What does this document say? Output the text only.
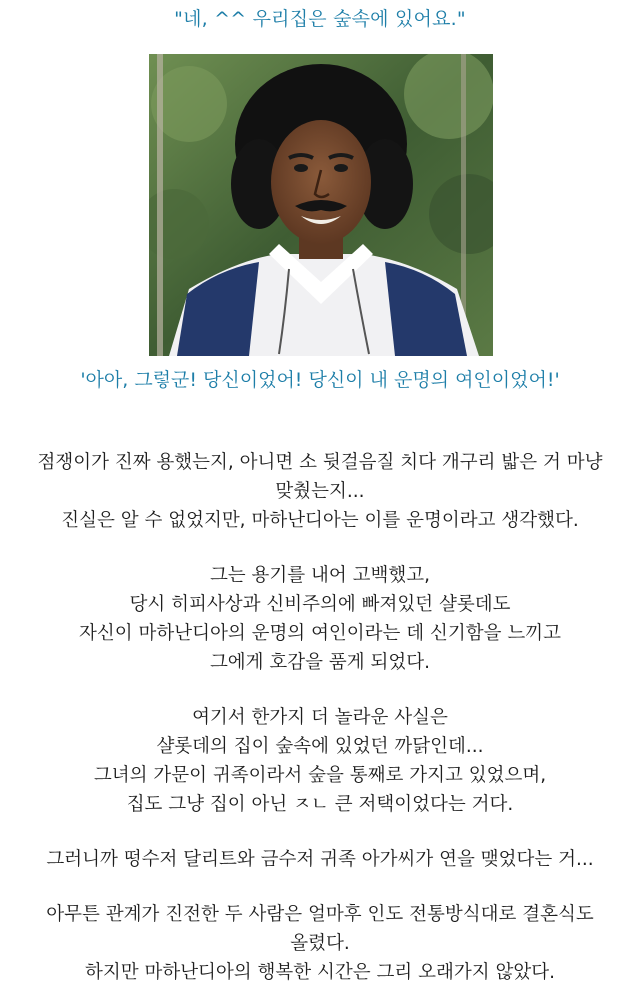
"네, ^^ 우리집은 숲속에 있어요."
'아아, 그렇군! 당신이었어! 당신이 내 운명의 여인이었어!'
점쟁이가 진짜 용했는지, 아니면 소 뒷걸음질 치다 개구리 밟은 거 마냥
맞췄는지...
진실은 알 수 없었지만, 마하난디아는 이를 운명이라고 생각했다.
그는 용기를 내어 고백했고,
당시 히피사상과 신비주의에 빠져있던 샬롯데도
자신이 마하난디아의 운명의 여인이라는 데 신기함을 느끼고
그에게 호감을 품게 되었다.
여기서 한가지 더 놀라운 사실은
샬롯데의 집이 숲속에 있었던 까닭인데...
그녀의 가문이 귀족이라서 숲을 통째로 가지고 있었으며,
집도 그냥 집이 아닌 ㅈㄴ 큰 저택이었다는 거다.
그러니까 떵수저 달리트와 금수저 귀족 아가씨가 연을 맺었다는 거...
아무튼 관계가 진전한 두 사람은 얼마후 인도 전통방식대로 결혼식도
올렸다.
하지만 마하난디아의 행복한 시간은 그리 오래가지 않았다.
